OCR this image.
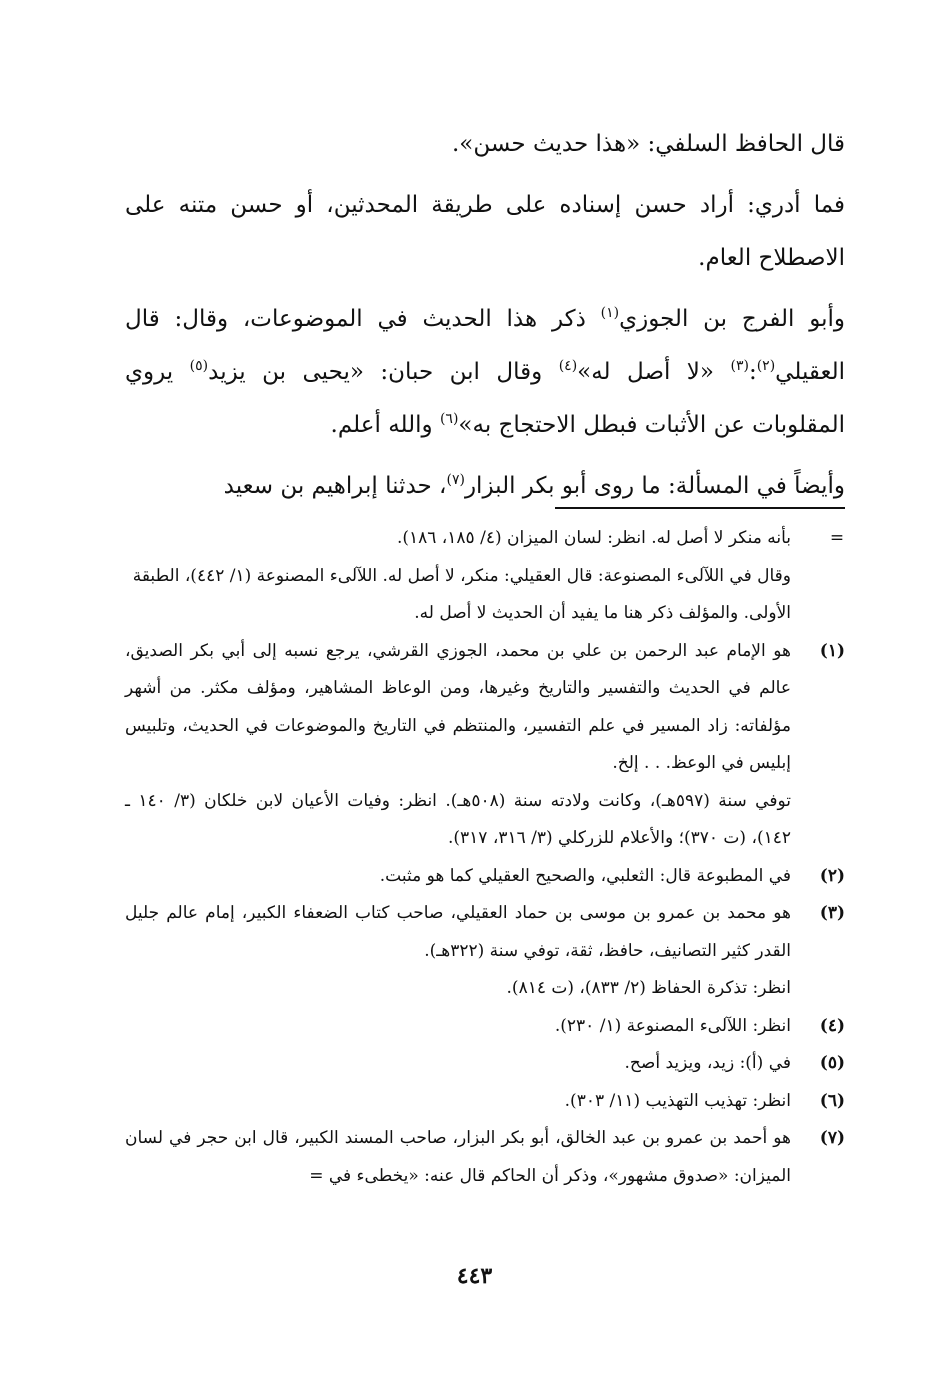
قال الحافظ السلفي: «هذا حديث حسن».

فما أدري: أراد حسن إسناده على طريقة المحدثين، أو حسن متنه على الاصطلاح العام.

وأبو الفرج بن الجوزي$^{(١)}$ ذكر هذا الحديث في الموضوعات، وقال: قال العقيلي$^{(٢)}$:$^{(٣)}$ «لا أصل له»$^{(٤)}$ وقال ابن حبان: «يحيى بن يزيد$^{(٥)}$ يروي المقلوبات عن الأثبات فبطل الاحتجاج به»$^{(٦)}$ والله أعلم.

وأيضاً في المسألة: ما روى أبو بكر البزار$^{(٧)}$، حدثنا إبراهيم بن سعيد

=
بأنه منكر لا أصل له. انظر: لسان الميزان (٤/ ١٨٥، ١٨٦).
وقال في اللآلىء المصنوعة: قال العقيلي: منكر، لا أصل له. اللآلىء المصنوعة (١/ ٤٤٢)، الطبقة الأولى. والمؤلف ذكر هنا ما يفيد أن الحديث لا أصل له.
(١)
هو الإمام عبد الرحمن بن علي بن محمد، الجوزي القرشي، يرجع نسبه إلى أبي بكر الصديق، عالم في الحديث والتفسير والتاريخ وغيرها، ومن الوعاظ المشاهير، ومؤلف مكثر. من أشهر مؤلفاته: زاد المسير في علم التفسير، والمنتظم في التاريخ والموضوعات في الحديث، وتلبيس إبليس في الوعظ. . . إلخ.
توفي سنة (٥٩٧هـ)، وكانت ولادته سنة (٥٠٨هـ). انظر: وفيات الأعيان لابن خلكان (٣/ ١٤٠ ـ ١٤٢)، (ت ٣٧٠)؛ والأعلام للزركلي (٣/ ٣١٦، ٣١٧).
(٢)
في المطبوعة قال: الثعلبي، والصحيح العقيلي كما هو مثبت.
(٣)
هو محمد بن عمرو بن موسى بن حماد العقيلي، صاحب كتاب الضعفاء الكبير، إمام عالم جليل القدر كثير التصانيف، حافظ، ثقة، توفي سنة (٣٢٢هـ).
انظر: تذكرة الحفاظ (٢/ ٨٣٣)، (ت ٨١٤).
(٤)
انظر: اللآلىء المصنوعة (١/ ٢٣٠).
(٥)
في (أ): زيد، ويزيد أصح.
(٦)
انظر: تهذيب التهذيب (١١/ ٣٠٣).
(٧)
هو أحمد بن عمرو بن عبد الخالق، أبو بكر البزار، صاحب المسند الكبير، قال ابن حجر في لسان الميزان: «صدوق مشهور»، وذكر أن الحاكم قال عنه: «يخطىء في =
٤٤٣
